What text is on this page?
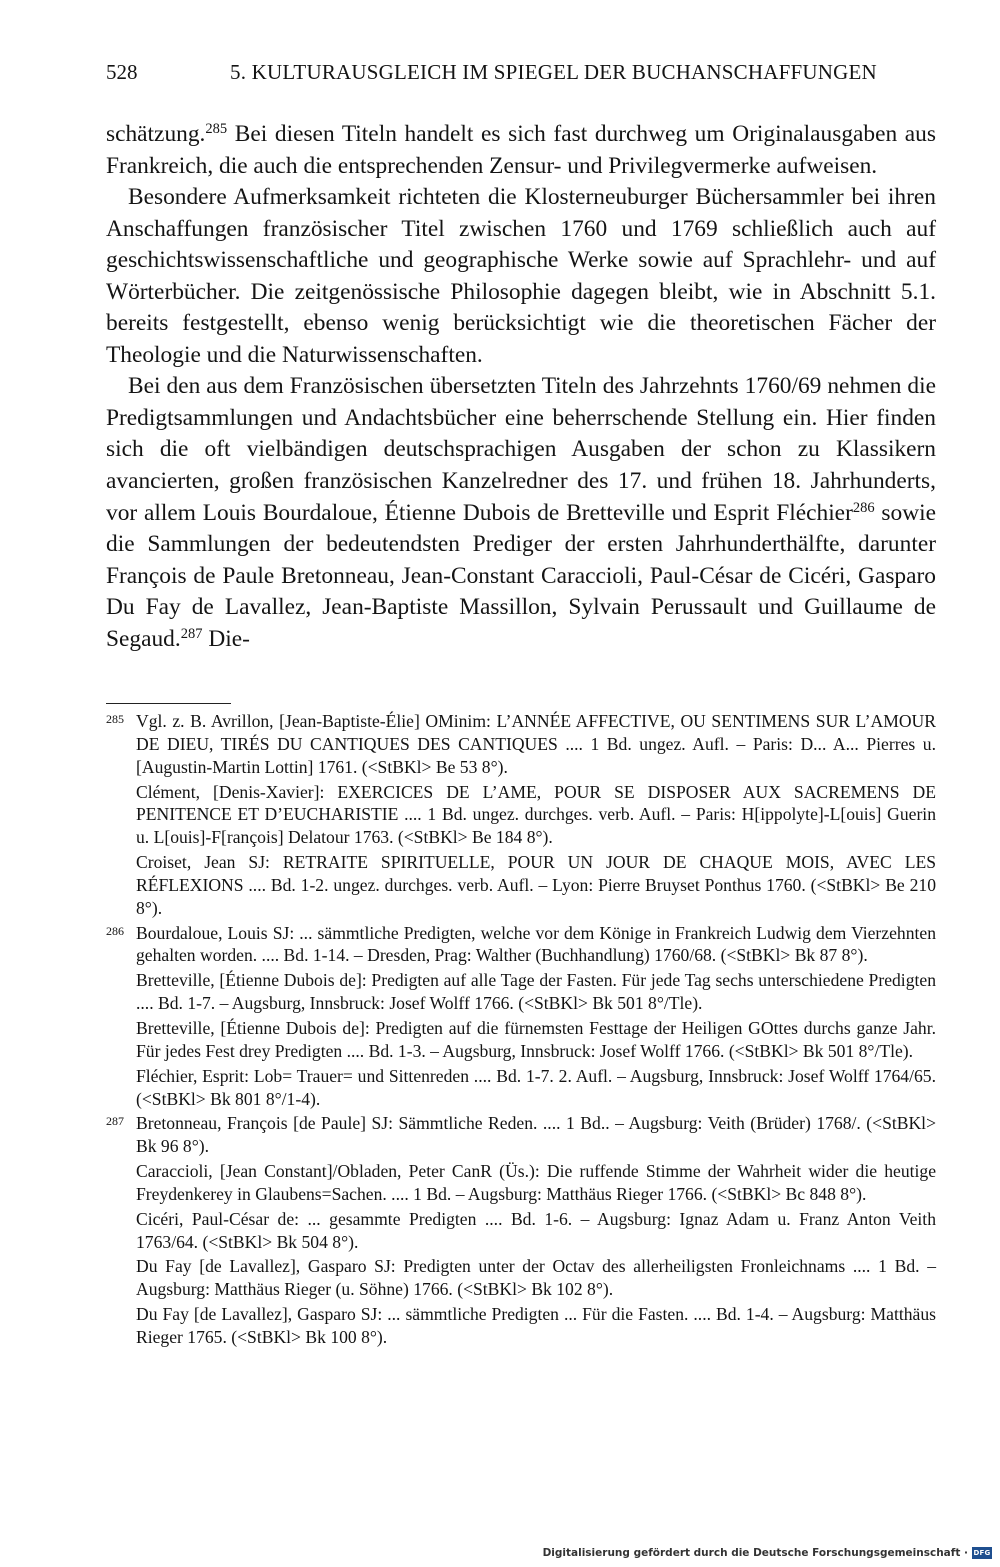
528	5. KULTURAUSGLEICH IM SPIEGEL DER BUCHANSCHAFFUNGEN

schätzung.$^{285}$ Bei diesen Titeln handelt es sich fast durchweg um Originalausgaben aus Frankreich, die auch die entsprechenden Zensur- und Privilegvermerke aufweisen.

Besondere Aufmerksamkeit richteten die Klosterneuburger Büchersammler bei ihren Anschaffungen französischer Titel zwischen 1760 und 1769 schließlich auch auf geschichtswissenschaftliche und geographische Werke sowie auf Sprachlehr- und auf Wörterbücher. Die zeitgenössische Philosophie dagegen bleibt, wie in Abschnitt 5.1. bereits festgestellt, ebenso wenig berücksichtigt wie die theoretischen Fächer der Theologie und die Naturwissenschaften.

Bei den aus dem Französischen übersetzten Titeln des Jahrzehnts 1760/69 nehmen die Predigtsammlungen und Andachtsbücher eine beherrschende Stellung ein. Hier finden sich die oft vielbändigen deutschsprachigen Ausgaben der schon zu Klassikern avancierten, großen französischen Kanzelredner des 17. und frühen 18. Jahrhunderts, vor allem Louis Bourdaloue, Étienne Dubois de Bretteville und Esprit Fléchier$^{286}$ sowie die Sammlungen der bedeutendsten Prediger der ersten Jahrhunderthälfte, darunter François de Paule Bretonneau, Jean-Constant Caraccioli, Paul-César de Cicéri, Gasparo Du Fay de Lavallez, Jean-Baptiste Massillon, Sylvain Perussault und Guillaume de Segaud.$^{287}$ Die-

285 Vgl. z. B. Avrillon, [Jean-Baptiste-Élie] OMinim: L’ANNÉE AFFECTIVE, OU SENTIMENS SUR L’AMOUR DE DIEU, TIRÉS DU CANTIQUES DES CANTIQUES .... 1 Bd. ungez. Aufl. – Paris: D... A... Pierres u. [Augustin-Martin Lottin] 1761. (<StBKl> Be 53 8°).

Clément, [Denis-Xavier]: EXERCICES DE L’AME, POUR SE DISPOSER AUX SACREMENS DE PENITENCE ET D’EUCHARISTIE .... 1 Bd. ungez. durchges. verb. Aufl. – Paris: H[ippolyte]-L[ouis] Guerin u. L[ouis]-F[rançois] Delatour 1763. (<StBKl> Be 184 8°).

Croiset, Jean SJ: RETRAITE SPIRITUELLE, POUR UN JOUR DE CHAQUE MOIS, AVEC LES RÉFLEXIONS .... Bd. 1-2. ungez. durchges. verb. Aufl. – Lyon: Pierre Bruyset Ponthus 1760. (<StBKl> Be 210 8°).

286 Bourdaloue, Louis SJ: ... sämmtliche Predigten, welche vor dem Könige in Frankreich Ludwig dem Vierzehnten gehalten worden. .... Bd. 1-14. – Dresden, Prag: Walther (Buchhandlung) 1760/68. (<StBKl> Bk 87 8°).

Bretteville, [Étienne Dubois de]: Predigten auf alle Tage der Fasten. Für jede Tag sechs unterschiedene Predigten .... Bd. 1-7. – Augsburg, Innsbruck: Josef Wolff 1766. (<StBKl> Bk 501 8°/Tle).

Bretteville, [Étienne Dubois de]: Predigten auf die fürnemsten Festtage der Heiligen GOttes durchs ganze Jahr. Für jedes Fest drey Predigten .... Bd. 1-3. – Augsburg, Innsbruck: Josef Wolff 1766. (<StBKl> Bk 501 8°/Tle).

Fléchier, Esprit: Lob= Trauer= und Sittenreden .... Bd. 1-7. 2. Aufl. – Augsburg, Innsbruck: Josef Wolff 1764/65. (<StBKl> Bk 801 8°/1-4).

287 Bretonneau, François [de Paule] SJ: Sämmtliche Reden. .... 1 Bd.. – Augsburg: Veith (Brüder) 1768/. (<StBKl> Bk 96 8°).

Caraccioli, [Jean Constant]/Obladen, Peter CanR (Üs.): Die ruffende Stimme der Wahrheit wider die heutige Freydenkerey in Glaubens=Sachen. .... 1 Bd. – Augsburg: Matthäus Rieger 1766. (<StBKl> Bc 848 8°).

Cicéri, Paul-César de: ... gesammte Predigten .... Bd. 1-6. – Augsburg: Ignaz Adam u. Franz Anton Veith 1763/64. (<StBKl> Bk 504 8°).

Du Fay [de Lavallez], Gasparo SJ: Predigten unter der Octav des allerheiligsten Fronleichnams .... 1 Bd. – Augsburg: Matthäus Rieger (u. Söhne) 1766. (<StBKl> Bk 102 8°).

Du Fay [de Lavallez], Gasparo SJ: ... sämmtliche Predigten ... Für die Fasten. .... Bd. 1-4. – Augsburg: Matthäus Rieger 1765. (<StBKl> Bk 100 8°).

Digitalisierung gefördert durch die Deutsche Forschungsgemeinschaft · DFG
